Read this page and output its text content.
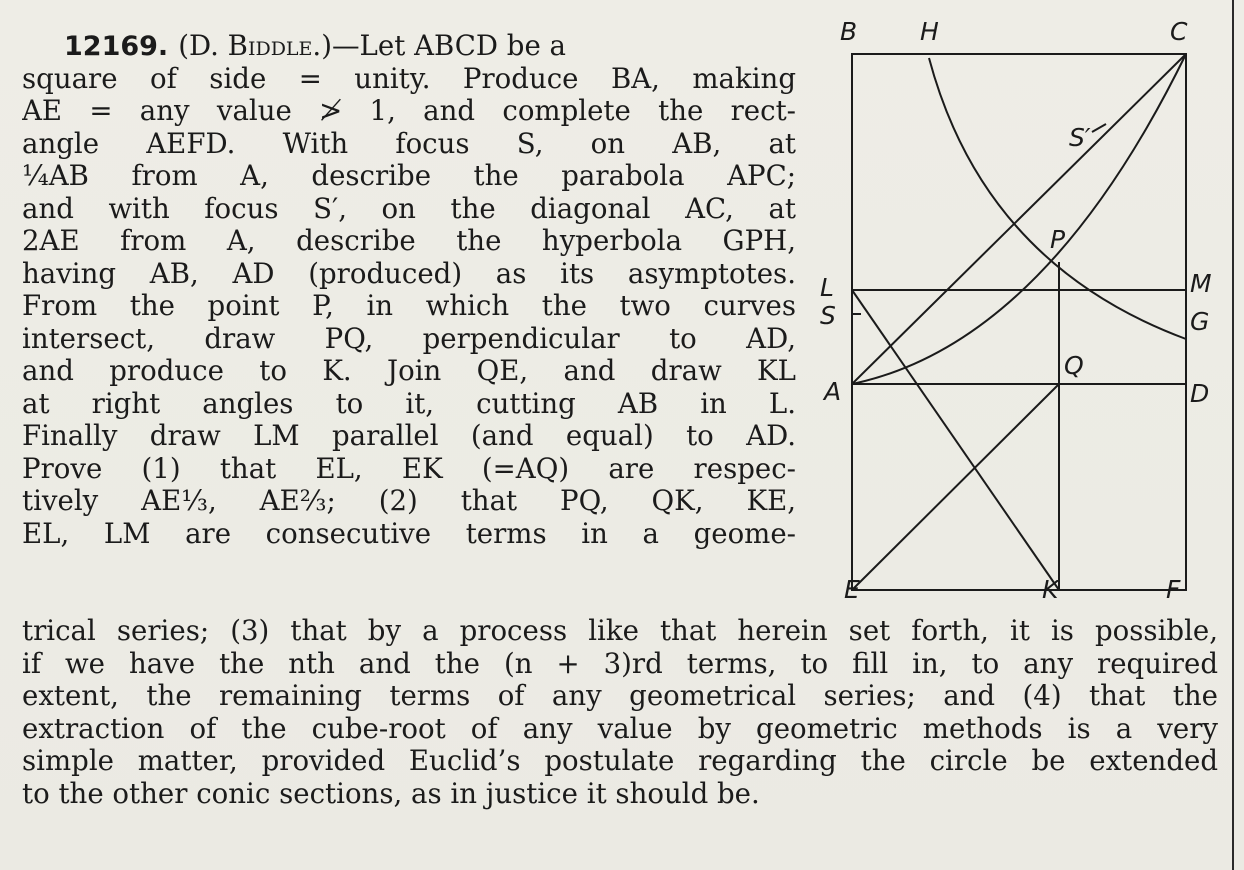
12169. (D. Biddle.)—Let ABCD be a
square of side = unity. Produce BA, making
AE = any value ≯ 1, and complete the rect-
angle AEFD. With focus S, on AB, at
¼AB from A, describe the parabola APC;
and with focus S′, on the diagonal AC, at
2AE from A, describe the hyperbola GPH,
having AB, AD (produced) as its asymptotes.
From the point P, in which the two curves
intersect, draw PQ, perpendicular to AD,
and produce to K. Join QE, and draw KL
at right angles to it, cutting AB in L.
Finally draw LM parallel (and equal) to AD.
Prove (1) that EL, EK (=AQ) are respec-
tively AE⅓, AE⅔; (2) that PQ, QK, KE,
EL, LM are consecutive terms in a geome-
trical series; (3) that by a process like that herein set forth, it is possible,
if we have the nth and the (n + 3)rd terms, to fill in, to any required
extent, the remaining terms of any geometrical series; and (4) that the
extraction of the cube-root of any value by geometric methods is a very
simple matter, provided Euclid’s postulate regarding the circle be extended
to the other conic sections, as in justice it should be.
B	H	C
S′
P
L	M
S	G
Q
A	D
E	K	F
